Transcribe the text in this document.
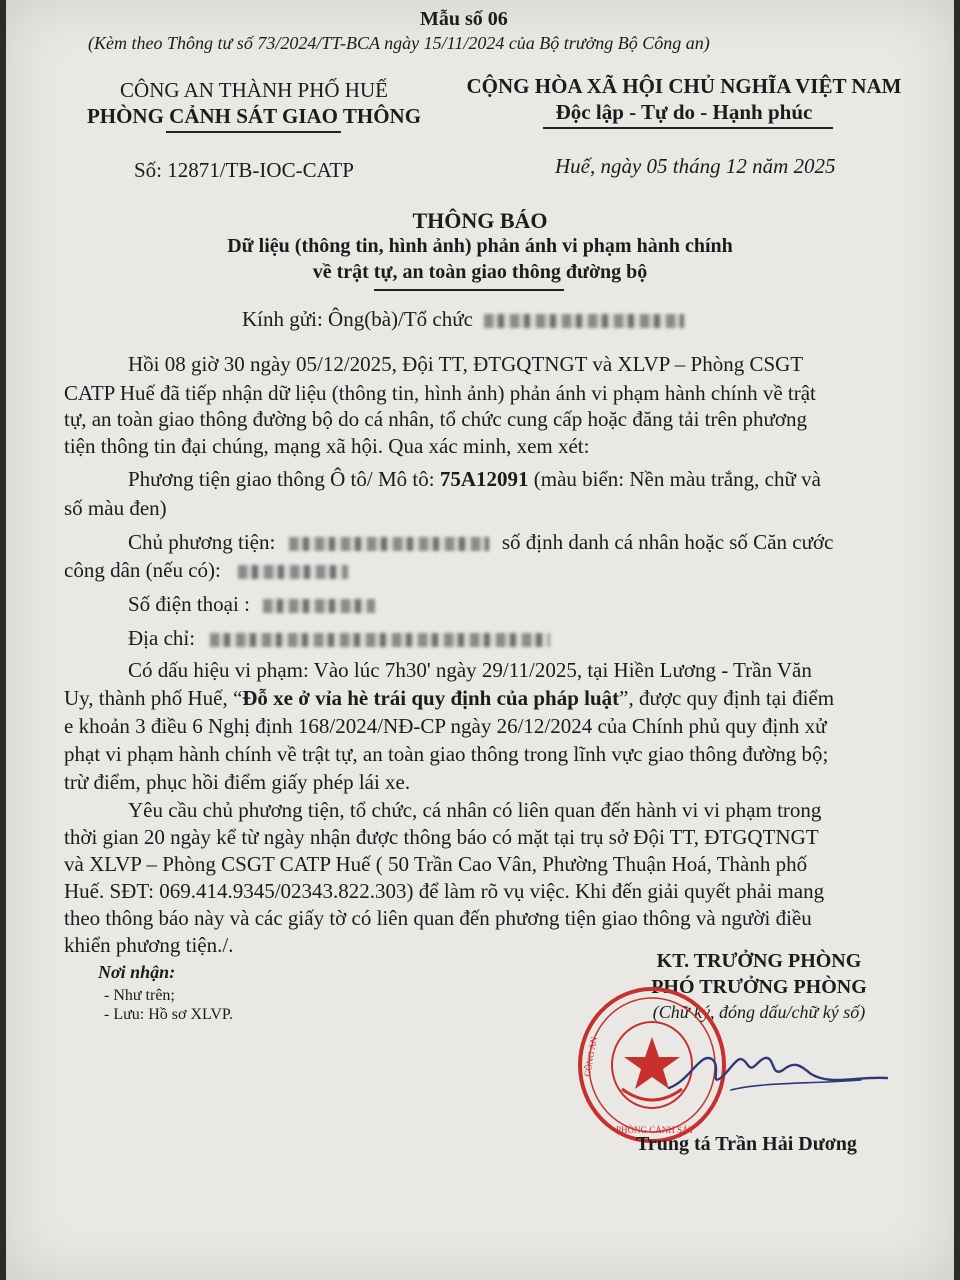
Mẫu số 06
(Kèm theo Thông tư số 73/2024/TT-BCA ngày 15/11/2024 của Bộ trưởng Bộ Công an)
CÔNG AN THÀNH PHỐ HUẾ
PHÒNG CẢNH SÁT GIAO THÔNG
CỘNG HÒA XÃ HỘI CHỦ NGHĨA VIỆT NAM
Độc lập - Tự do - Hạnh phúc
Số: 12871/TB-IOC-CATP	Huế, ngày 05 tháng 12 năm 2025
THÔNG BÁO
Dữ liệu (thông tin, hình ảnh) phản ánh vi phạm hành chính
về trật tự, an toàn giao thông đường bộ
Kính gửi: Ông(bà)/Tổ chức
Hồi 08 giờ 30 ngày 05/12/2025, Đội TT, ĐTGQTNGT và XLVP – Phòng CSGT
CATP Huế đã tiếp nhận dữ liệu (thông tin, hình ảnh) phản ánh vi phạm hành chính về trật
tự, an toàn giao thông đường bộ do cá nhân, tổ chức cung cấp hoặc đăng tải trên phương
tiện thông tin đại chúng, mạng xã hội. Qua xác minh, xem xét:
Phương tiện giao thông Ô tô/ Mô tô: 75A12091 (màu biển: Nền màu trắng, chữ và
số màu đen)
Chủ phương tiện:	số định danh cá nhân hoặc số Căn cước
công dân (nếu có):
Số điện thoại :
Địa chỉ:
Có dấu hiệu vi phạm: Vào lúc 7h30' ngày 29/11/2025, tại Hiền Lương - Trần Văn
Uy, thành phố Huế, “Đỗ xe ở vỉa hè trái quy định của pháp luật”, được quy định tại điểm
e khoản 3 điều 6 Nghị định 168/2024/NĐ-CP ngày 26/12/2024 của Chính phủ quy định xử
phạt vi phạm hành chính về trật tự, an toàn giao thông trong lĩnh vực giao thông đường bộ;
trừ điểm, phục hồi điểm giấy phép lái xe.
Yêu cầu chủ phương tiện, tổ chức, cá nhân có liên quan đến hành vi vi phạm trong
thời gian 20 ngày kể từ ngày nhận được thông báo có mặt tại trụ sở Đội TT, ĐTGQTNGT
và XLVP – Phòng CSGT CATP Huế ( 50 Trần Cao Vân, Phường Thuận Hoá, Thành phố
Huế. SĐT: 069.414.9345/02343.822.303) để làm rõ vụ việc. Khi đến giải quyết phải mang
theo thông báo này và các giấy tờ có liên quan đến phương tiện giao thông và người điều
khiển phương tiện./.
Nơi nhận:
- Như trên;
- Lưu: Hồ sơ XLVP.
KT. TRƯỞNG PHÒNG
PHÓ TRƯỞNG PHÒNG
(Chữ ký, đóng dấu/chữ ký số)
CÔNG AN
PHÒNG CẢNH SÁT
Trung tá Trần Hải Dương
